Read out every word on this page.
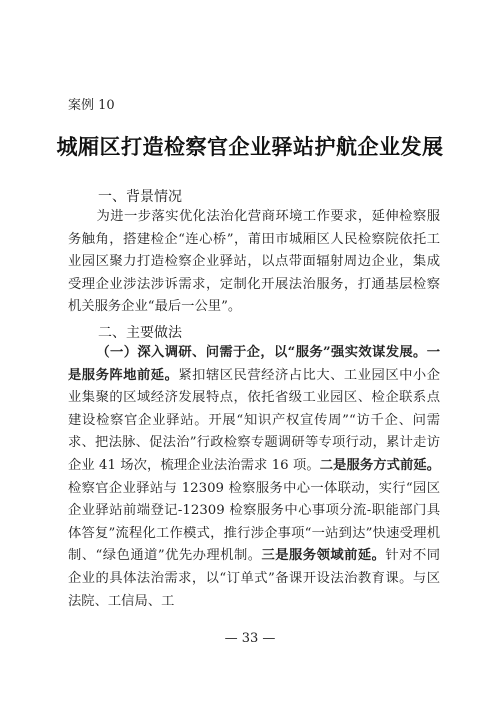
案例 10
城厢区打造检察官企业驿站护航企业发展
一、背景情况
为进一步落实优化法治化营商环境工作要求，延伸检察服务触角，搭建检企“连心桥”，莆田市城厢区人民检察院依托工业园区聚力打造检察企业驿站，以点带面辐射周边企业，集成受理企业涉法涉诉需求，定制化开展法治服务，打通基层检察机关服务企业“最后一公里”。
二、主要做法
（一）深入调研、问需于企，以“服务”强实效谋发展。一是服务阵地前延。紧扣辖区民营经济占比大、工业园区中小企业集聚的区域经济发展特点，依托省级工业园区、检企联系点建设检察官企业驿站。开展“知识产权宣传周”“访千企、问需求、把法脉、促法治”行政检察专题调研等专项行动，累计走访企业 41 场次，梳理企业法治需求 16 项。二是服务方式前延。检察官企业驿站与 12309 检察服务中心一体联动，实行“园区企业驿站前端登记-12309 检察服务中心事项分流-职能部门具体答复”流程化工作模式，推行涉企事项“一站到达”快速受理机制、“绿色通道”优先办理机制。三是服务领域前延。针对不同企业的具体法治需求，以“订单式”备课开设法治教育课。与区法院、工信局、工
— 33 —
